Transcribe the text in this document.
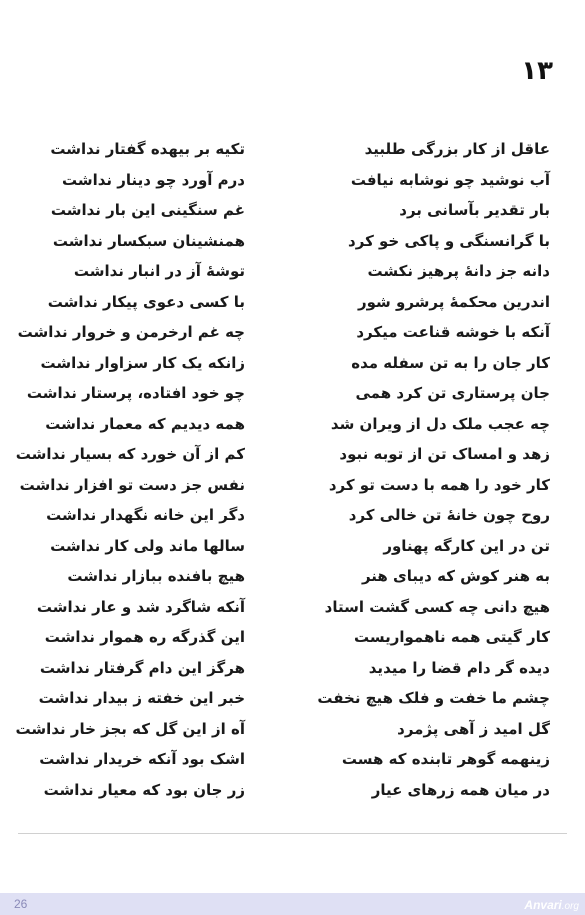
۱۳
عاقل از کار بزرگی طلبید
تکیه بر بیهده گفتار نداشت
آب نوشید چو نوشابه نیافت
درم آورد چو دینار نداشت
بار تقدیر بآسانی برد
غم سنگینی این بار نداشت
با گرانسنگی و پاکی خو کرد
همنشینان سبکسار نداشت
دانه جز دانهٔ پرهیز نکشت
توشهٔ آز در انبار نداشت
اندرین محکمهٔ پرشرو شور
با کسی دعوی پیکار نداشت
آنکه با خوشه قناعت میکرد
چه غم ارخرمن و خروار نداشت
کار جان را به تن سفله مده
زانکه یک کار سزاوار نداشت
جان پرستاری تن کرد همی
چو خود افتاده، پرستار نداشت
چه عجب ملک دل از ویران شد
همه دیدیم که معمار نداشت
زهد و امساک تن از توبه نبود
کم از آن خورد که بسیار نداشت
کار خود را همه با دست تو کرد
نفس جز دست تو افزار نداشت
روح چون خانهٔ تن خالی کرد
دگر این خانه نگهدار نداشت
تن در این کارگه پهناور
سالها ماند ولی کار نداشت
به هنر کوش که دیبای هنر
هیچ بافنده ببازار نداشت
هیچ دانی چه کسی گشت استاد
آنکه شاگرد شد و عار نداشت
کار گیتی همه ناهمواریست
این گذرگه ره هموار نداشت
دیده گر دام قضا را میدید
هرگز این دام گرفتار نداشت
چشم ما خفت و فلک هیچ نخفت
خبر این خفته ز بیدار نداشت
گل امید ز آهی پژمرد
آه از این گل که بجز خار نداشت
زینهمه گوهر تابنده که هست
اشک بود آنکه خریدار نداشت
در میان همه زرهای عیار
زر جان بود که معیار نداشت
26	Anvari.org
